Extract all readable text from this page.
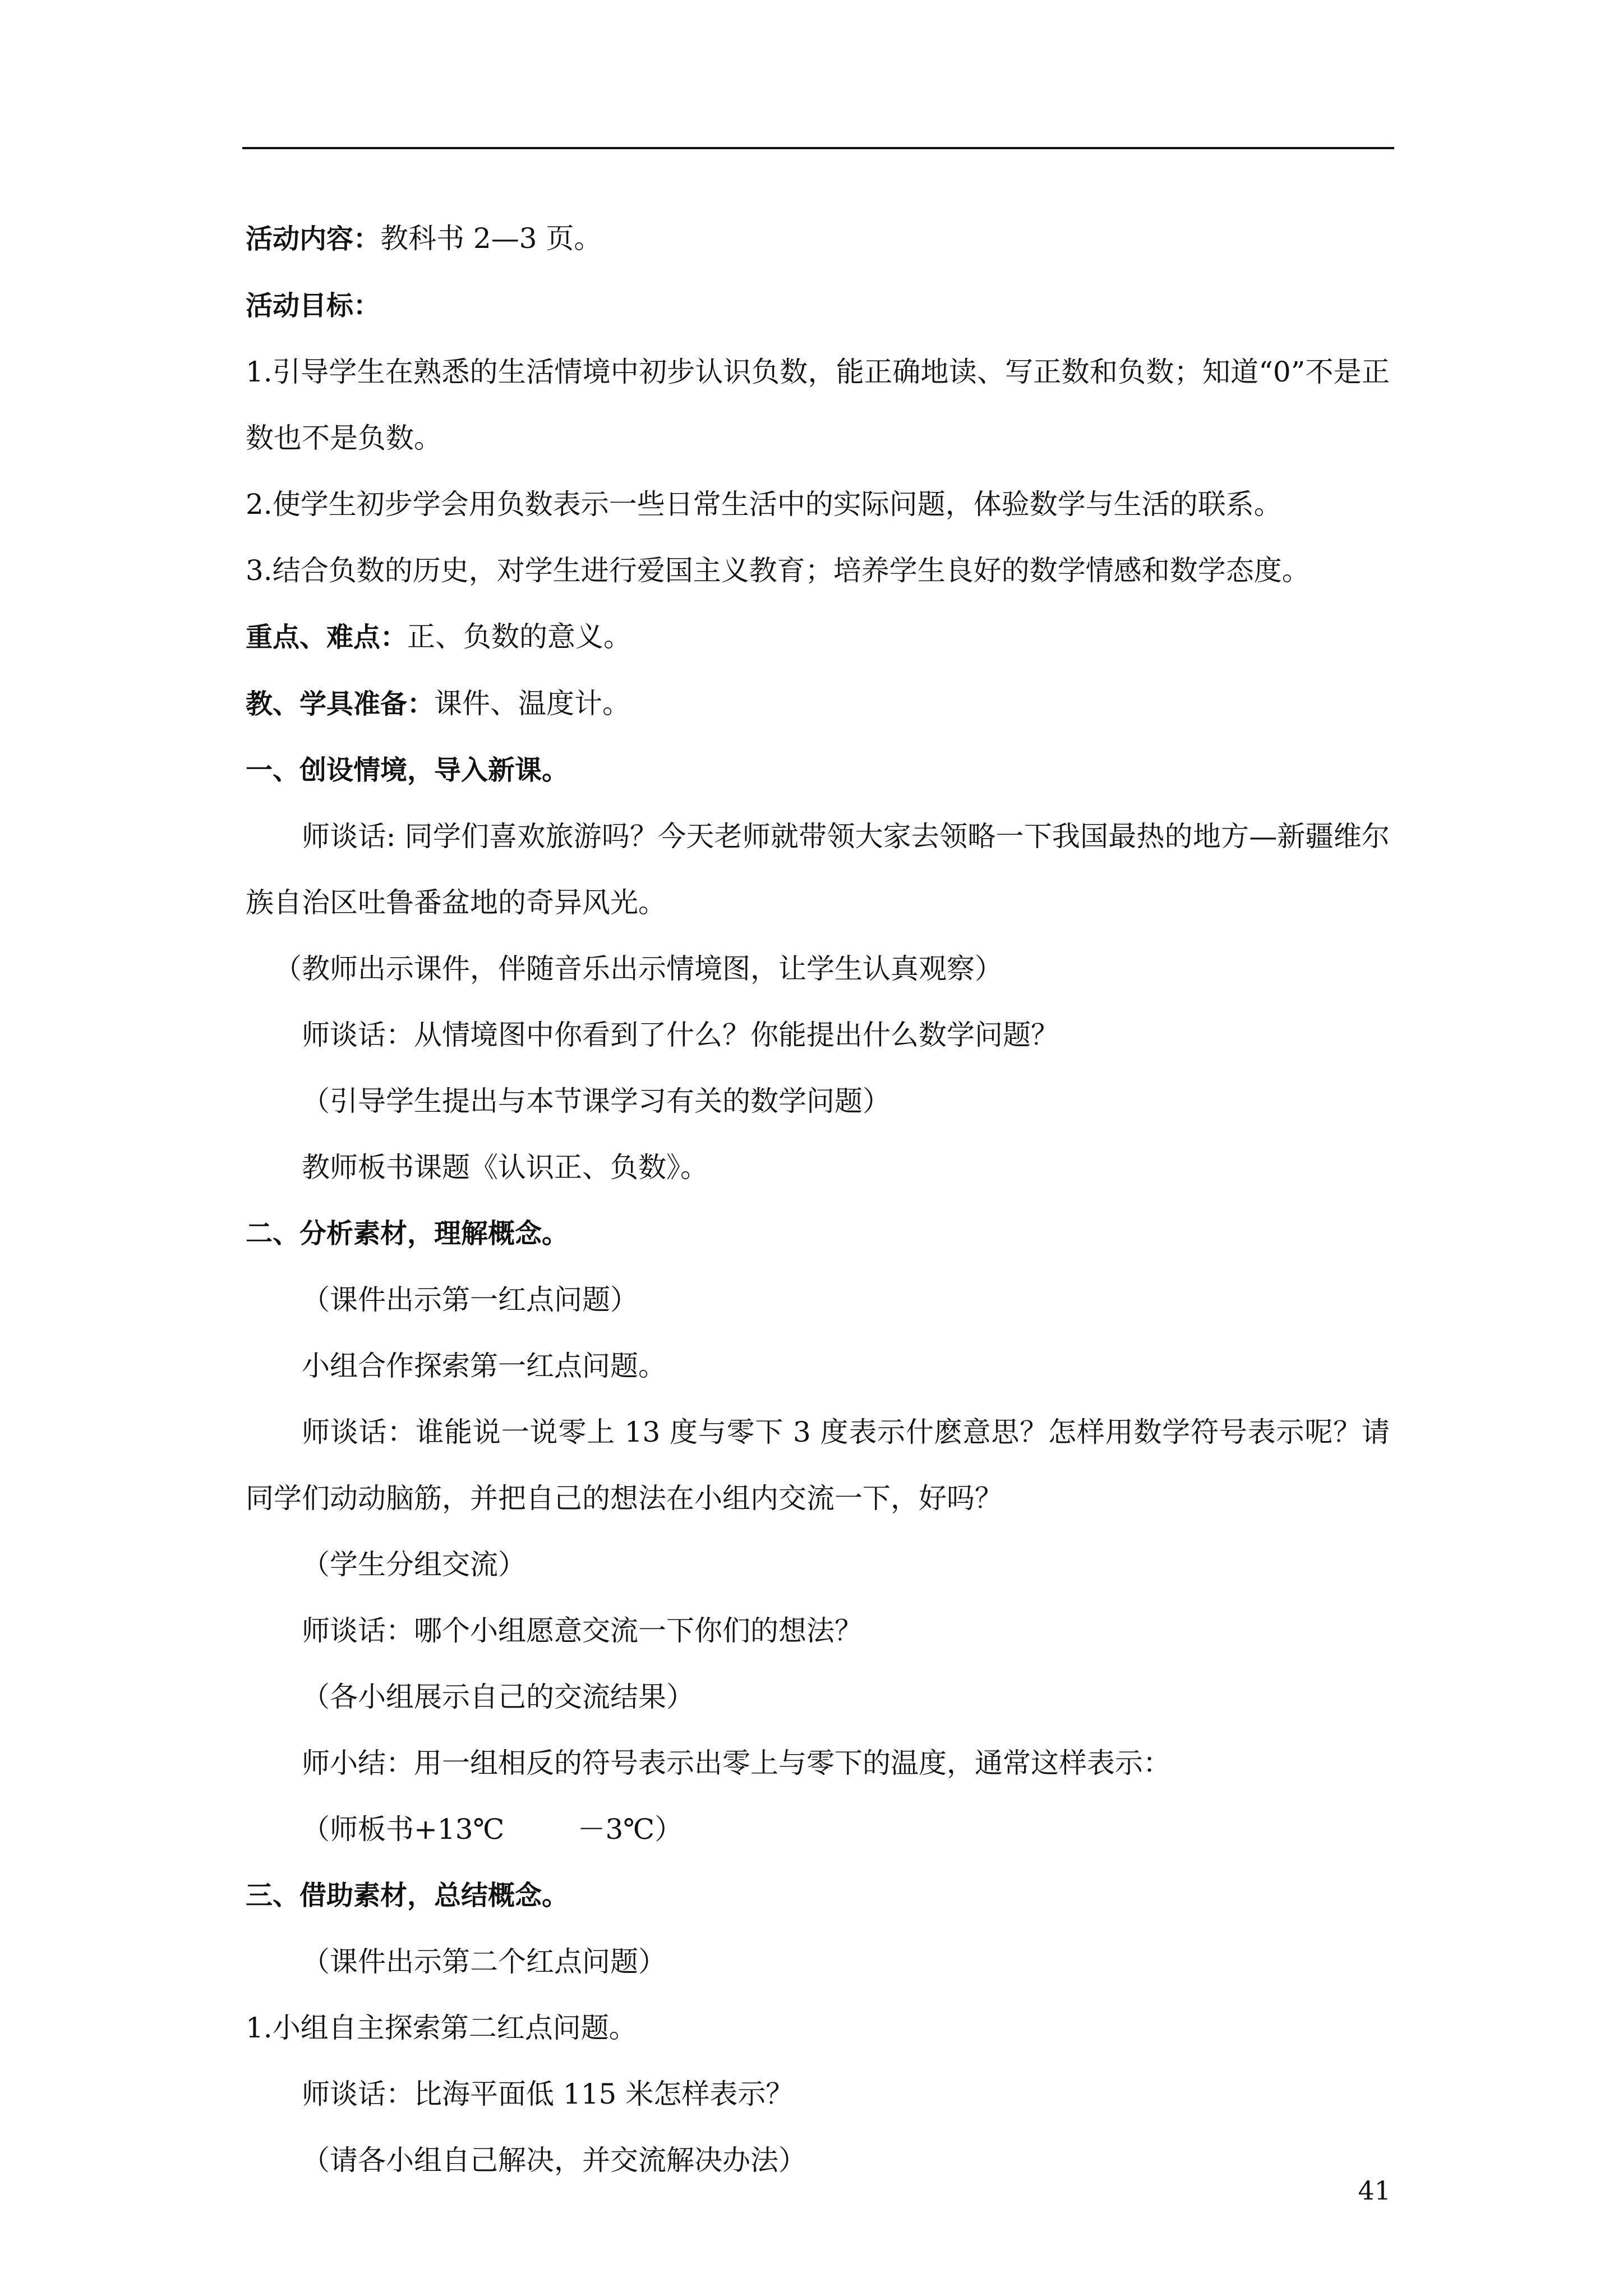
活动内容：教科书 2—3 页。

活动目标：

1.引导学生在熟悉的生活情境中初步认识负数，能正确地读、写正数和负数；知道“0”不是正数也不是负数。

2.使学生初步学会用负数表示一些日常生活中的实际问题，体验数学与生活的联系。

3.结合负数的历史，对学生进行爱国主义教育；培养学生良好的数学情感和数学态度。

重点、难点：正、负数的意义。

教、学具准备：课件、温度计。

一、创设情境，导入新课。

师谈话: 同学们喜欢旅游吗？今天老师就带领大家去领略一下我国最热的地方—新疆维尔族自治区吐鲁番盆地的奇异风光。

（教师出示课件，伴随音乐出示情境图，让学生认真观察）

师谈话：从情境图中你看到了什么？你能提出什么数学问题？

（引导学生提出与本节课学习有关的数学问题）

教师板书课题《认识正、负数》。

二、分析素材，理解概念。

（课件出示第一红点问题）

小组合作探索第一红点问题。

师谈话：谁能说一说零上 13 度与零下 3 度表示什麽意思？怎样用数学符号表示呢？请同学们动动脑筋，并把自己的想法在小组内交流一下，好吗？

（学生分组交流）

师谈话：哪个小组愿意交流一下你们的想法？

（各小组展示自己的交流结果）

师小结：用一组相反的符号表示出零上与零下的温度，通常这样表示：

（师板书+13℃	－3℃）

三、借助素材，总结概念。

（课件出示第二个红点问题）

1.小组自主探索第二红点问题。

师谈话：比海平面低 115 米怎样表示？

（请各小组自己解决，并交流解决办法）

41
